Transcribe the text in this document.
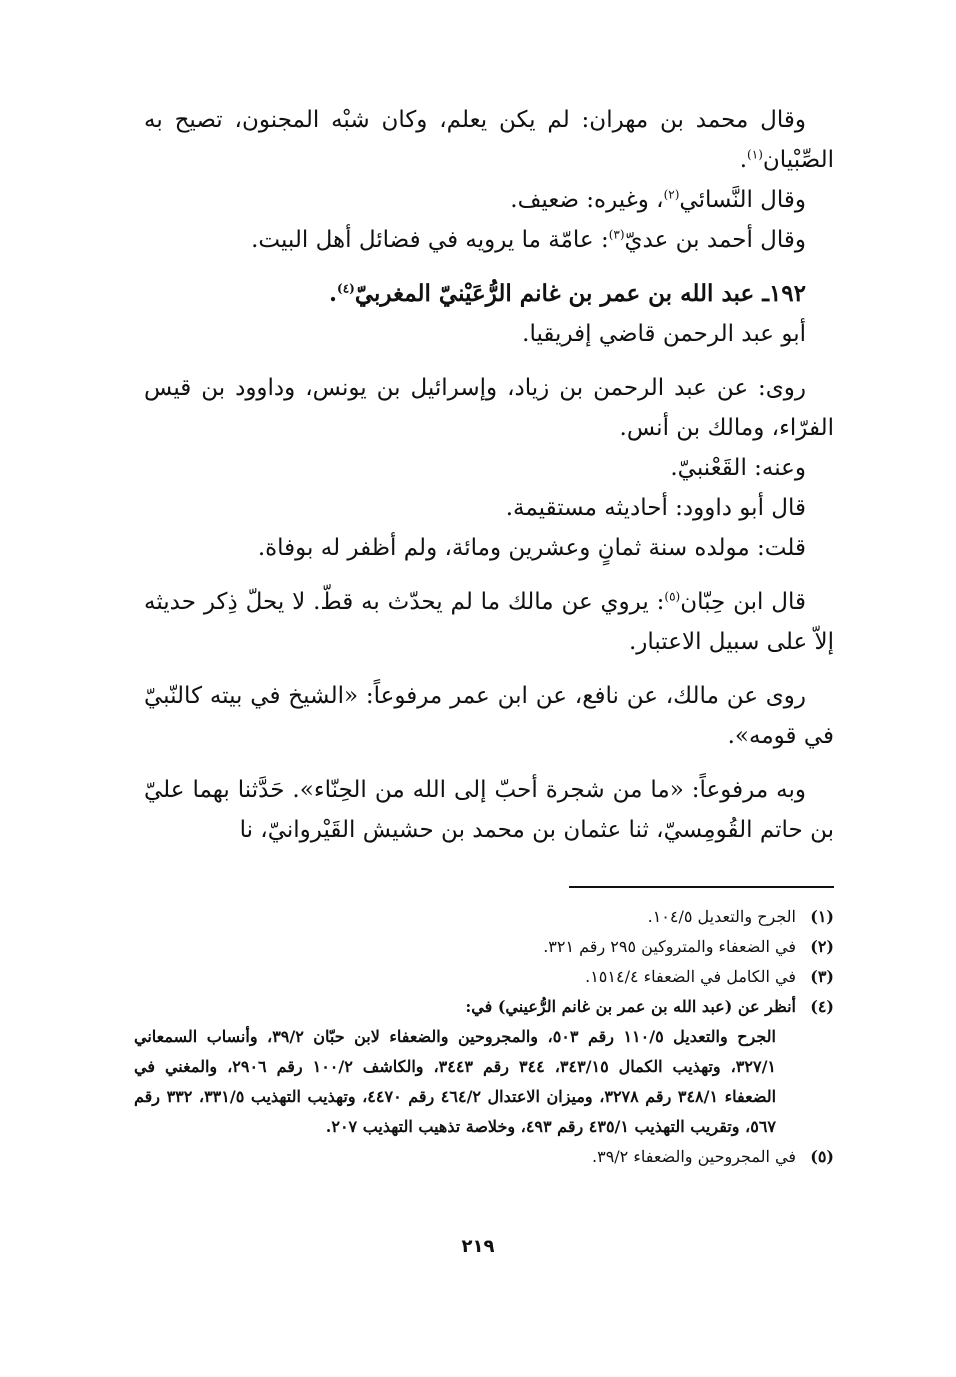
وقال محمد بن مهران: لم يكن يعلم، وكان شبْه المجنون، تصيح به الصِّبْيان$^{(١)}$.

وقال النَّسائي$^{(٢)}$، وغيره: ضعيف.

وقال أحمد بن عديّ$^{(٣)}$: عامّة ما يرويه في فضائل أهل البيت.

١٩٢ـ عبد الله بن عمر بن غانم الرُّعَيْنيّ المغربيّ$^{(٤)}$.

أبو عبد الرحمن قاضي إفريقيا.

روى: عن عبد الرحمن بن زياد، وإسرائيل بن يونس، وداوود بن قيس الفرّاء، ومالك بن أنس.

وعنه: القَعْنبيّ.

قال أبو داوود: أحاديثه مستقيمة.

قلت: مولده سنة ثمانٍ وعشرين ومائة، ولم أظفر له بوفاة.

قال ابن حِبّان$^{(٥)}$: يروي عن مالك ما لم يحدّث به قطّ. لا يحلّ ذِكر حديثه إلاّ على سبيل الاعتبار.

روى عن مالك، عن نافع، عن ابن عمر مرفوعاً: «الشيخ في بيته كالنّبيّ في قومه».

وبه مرفوعاً: «ما من شجرة أحبّ إلى الله من الحِنّاء». حَدَّثنا بهما عليّ بن حاتم القُومِسيّ، ثنا عثمان بن محمد بن حشيش القَيْروانيّ، نا

(١)
الجرح والتعديل ١٠٤/٥.
(٢)
في الضعفاء والمتروكين ٢٩٥ رقم ٣٢١.
(٣)
في الكامل في الضعفاء ١٥١٤/٤.
(٤)
أنظر عن (عبد الله بن عمر بن غانم الرُّعيني) في:
الجرح والتعديل ١١٠/٥ رقم ٥٠٣، والمجروحين والضعفاء لابن حبّان ٣٩/٢، وأنساب السمعاني ٣٢٧/١، وتهذيب الكمال ٣٤٣/١٥، ٣٤٤ رقم ٣٤٤٣، والكاشف ١٠٠/٢ رقم ٢٩٠٦، والمغني في الضعفاء ٣٤٨/١ رقم ٣٢٧٨، وميزان الاعتدال ٤٦٤/٢ رقم ٤٤٧٠، وتهذيب التهذيب ٣٣١/٥، ٣٣٢ رقم ٥٦٧، وتقريب التهذيب ٤٣٥/١ رقم ٤٩٣، وخلاصة تذهيب التهذيب ٢٠٧.
(٥)
في المجروحين والضعفاء ٣٩/٢.
٢١٩
